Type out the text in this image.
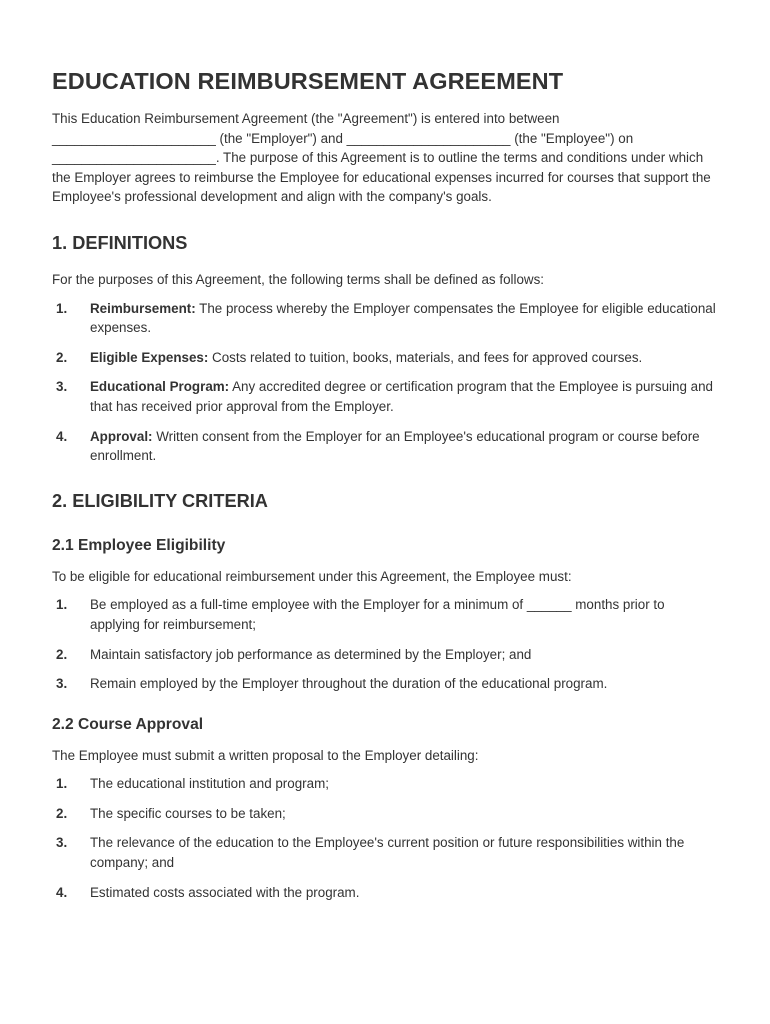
EDUCATION REIMBURSEMENT AGREEMENT

This Education Reimbursement Agreement (the "Agreement") is entered into between ______________________ (the "Employer") and ______________________ (the "Employee") on ______________________. The purpose of this Agreement is to outline the terms and conditions under which the Employer agrees to reimburse the Employee for educational expenses incurred for courses that support the Employee's professional development and align with the company's goals.

1. DEFINITIONS

For the purposes of this Agreement, the following terms shall be defined as follows:

1. Reimbursement: The process whereby the Employer compensates the Employee for eligible educational expenses.
2. Eligible Expenses: Costs related to tuition, books, materials, and fees for approved courses.
3. Educational Program: Any accredited degree or certification program that the Employee is pursuing and that has received prior approval from the Employer.
4. Approval: Written consent from the Employer for an Employee's educational program or course before enrollment.
2. ELIGIBILITY CRITERIA
2.1 Employee Eligibility

To be eligible for educational reimbursement under this Agreement, the Employee must:

1. Be employed as a full-time employee with the Employer for a minimum of ______ months prior to applying for reimbursement;
2. Maintain satisfactory job performance as determined by the Employer; and
3. Remain employed by the Employer throughout the duration of the educational program.
2.2 Course Approval

The Employee must submit a written proposal to the Employer detailing:

1. The educational institution and program;
2. The specific courses to be taken;
3. The relevance of the education to the Employee's current position or future responsibilities within the company; and
4. Estimated costs associated with the program.
